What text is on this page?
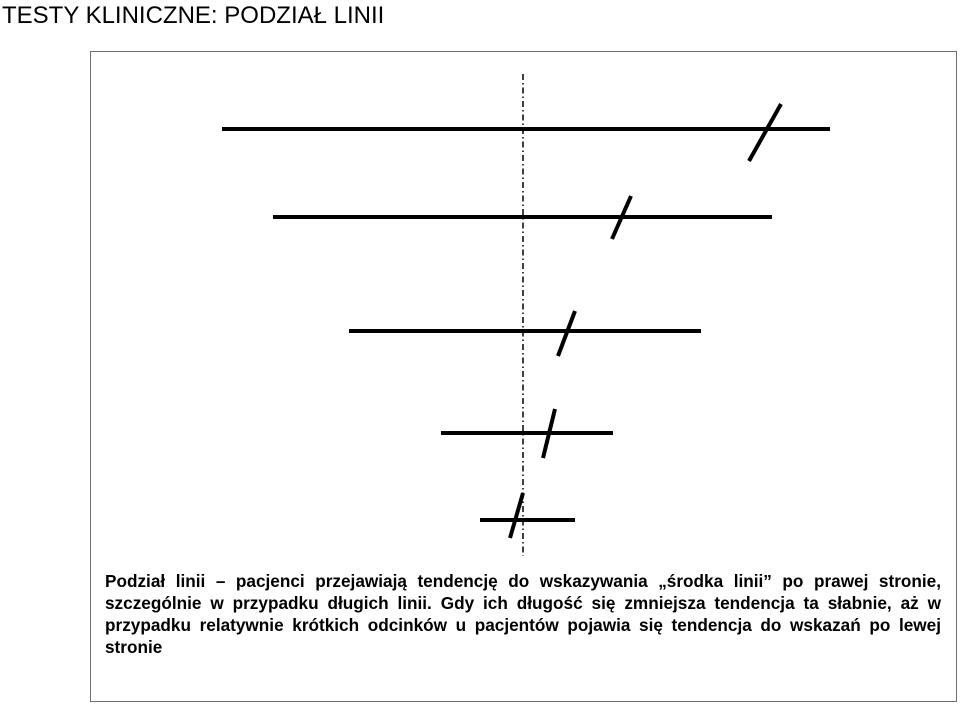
TESTY KLINICZNE: PODZIAŁ LINII

Podział linii – pacjenci przejawiają tendencję do wskazywania „środka linii” po prawej stronie, szczególnie w przypadku długich linii. Gdy ich długość się zmniejsza tendencja ta słabnie, aż w przypadku relatywnie krótkich odcinków u pacjentów pojawia się tendencja do wskazań po lewej stronie
